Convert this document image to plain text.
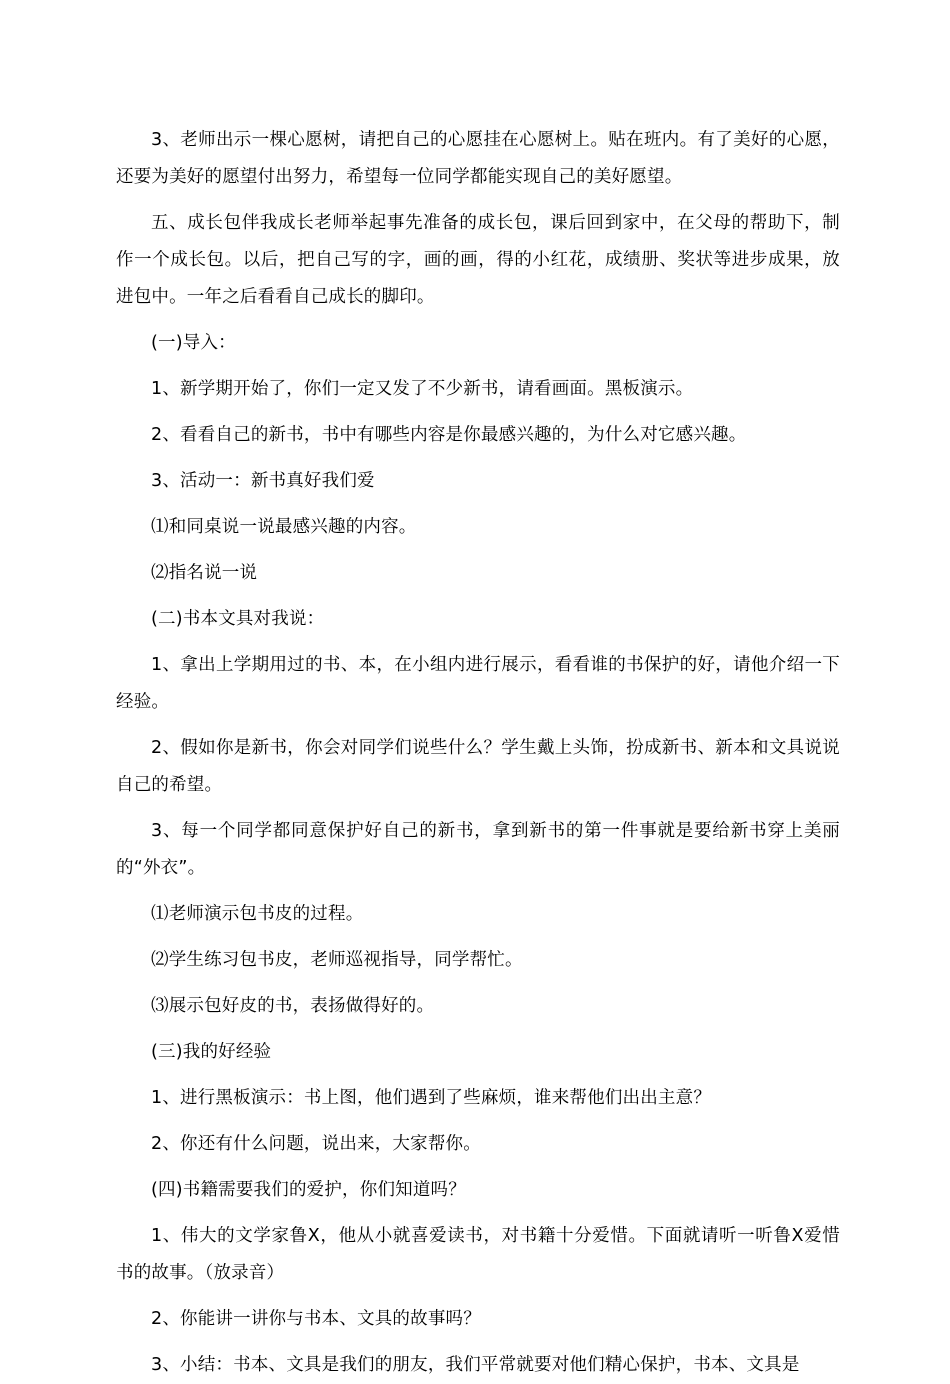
3、老师出示一棵心愿树，请把自己的心愿挂在心愿树上。贴在班内。有了美好的心愿，还要为美好的愿望付出努力，希望每一位同学都能实现自己的美好愿望。

五、成长包伴我成长老师举起事先准备的成长包，课后回到家中，在父母的帮助下，制作一个成长包。以后，把自己写的字，画的画，得的小红花，成绩册、奖状等进步成果，放进包中。一年之后看看自己成长的脚印。

(一)导入：

1、新学期开始了，你们一定又发了不少新书，请看画面。黑板演示。

2、看看自己的新书，书中有哪些内容是你最感兴趣的，为什么对它感兴趣。

3、活动一：新书真好我们爱

⑴和同桌说一说最感兴趣的内容。

⑵指名说一说

(二)书本文具对我说：

1、拿出上学期用过的书、本，在小组内进行展示，看看谁的书保护的好，请他介绍一下经验。

2、假如你是新书，你会对同学们说些什么？学生戴上头饰，扮成新书、新本和文具说说自己的希望。

3、每一个同学都同意保护好自己的新书，拿到新书的第一件事就是要给新书穿上美丽的“外衣”。

⑴老师演示包书皮的过程。

⑵学生练习包书皮，老师巡视指导，同学帮忙。

⑶展示包好皮的书，表扬做得好的。

(三)我的好经验

1、进行黑板演示：书上图，他们遇到了些麻烦，谁来帮他们出出主意？

2、你还有什么问题，说出来，大家帮你。

(四)书籍需要我们的爱护，你们知道吗？

1、伟大的文学家鲁X，他从小就喜爱读书，对书籍十分爱惜。下面就请听一听鲁X爱惜书的故事。（放录音）

2、你能讲一讲你与书本、文具的故事吗？

3、小结：书本、文具是我们的朋友，我们平常就要对他们精心保护，书本、文具是
